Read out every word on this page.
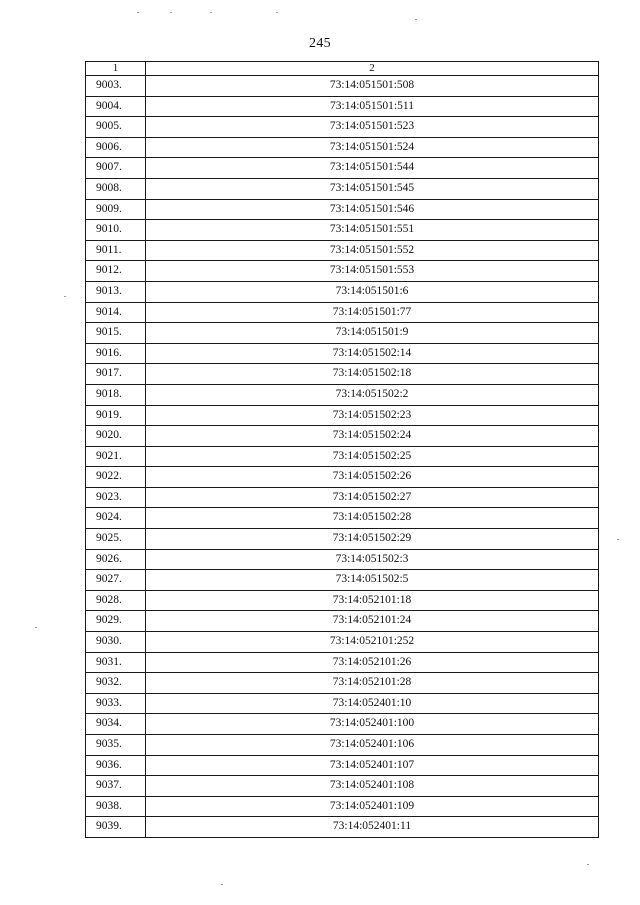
245
1	2
9003.	73:14:051501:508
9004.	73:14:051501:511
9005.	73:14:051501:523
9006.	73:14:051501:524
9007.	73:14:051501:544
9008.	73:14:051501:545
9009.	73:14:051501:546
9010.	73:14:051501:551
9011.	73:14:051501:552
9012.	73:14:051501:553
9013.	73:14:051501:6
9014.	73:14:051501:77
9015.	73:14:051501:9
9016.	73:14:051502:14
9017.	73:14:051502:18
9018.	73:14:051502:2
9019.	73:14:051502:23
9020.	73:14:051502:24
9021.	73:14:051502:25
9022.	73:14:051502:26
9023.	73:14:051502:27
9024.	73:14:051502:28
9025.	73:14:051502:29
9026.	73:14:051502:3
9027.	73:14:051502:5
9028.	73:14:052101:18
9029.	73:14:052101:24
9030.	73:14:052101:252
9031.	73:14:052101:26
9032.	73:14:052101:28
9033.	73:14:052401:10
9034.	73:14:052401:100
9035.	73:14:052401:106
9036.	73:14:052401:107
9037.	73:14:052401:108
9038.	73:14:052401:109
9039.	73:14:052401:11
